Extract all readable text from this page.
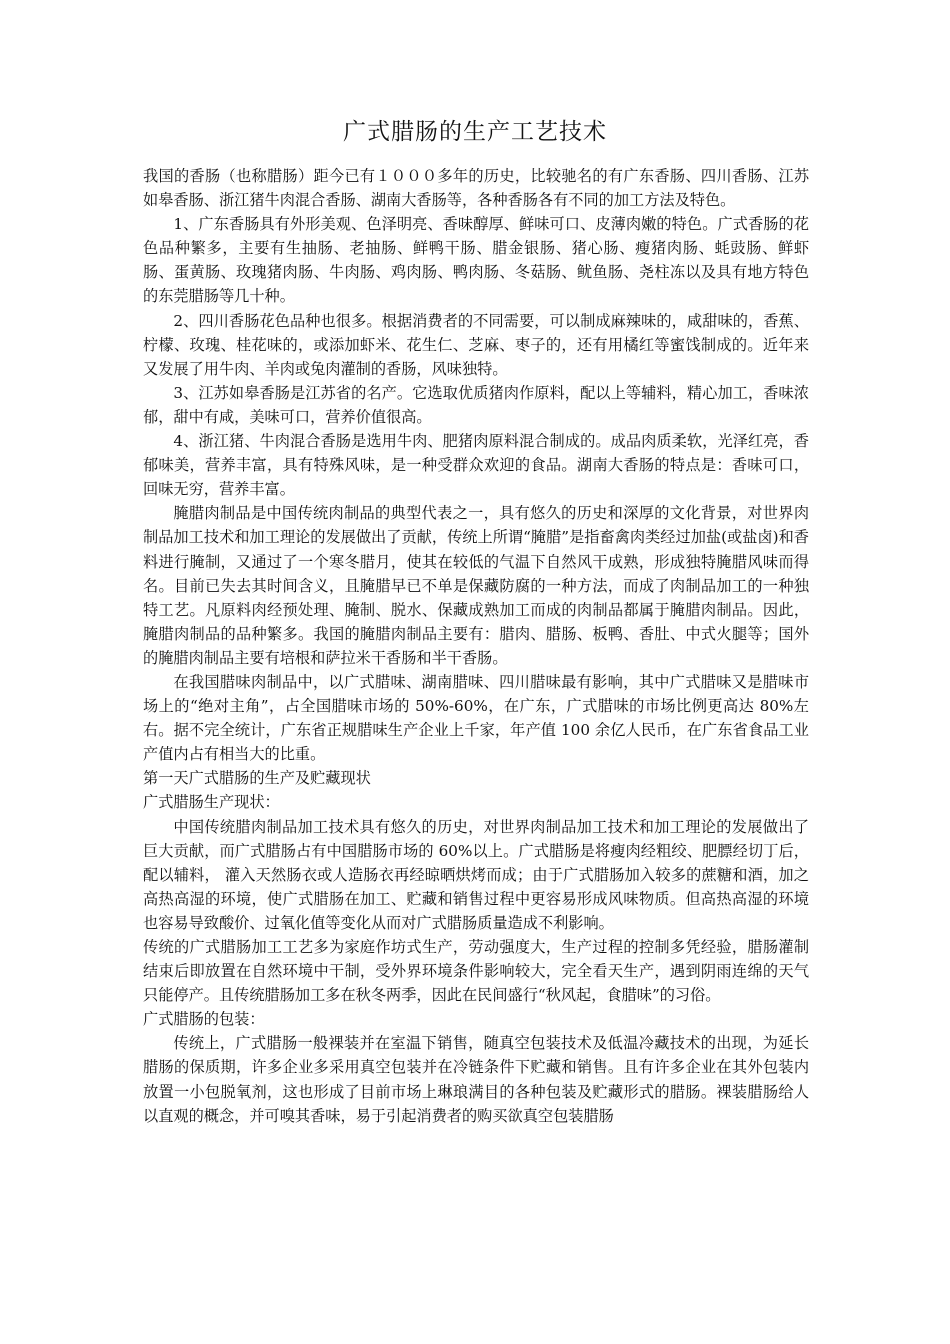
广式腊肠的生产工艺技术

我国的香肠（也称腊肠）距今已有１０００多年的历史，比较驰名的有广东香肠、四川香肠、江苏如皋香肠、浙江猪牛肉混合香肠、湖南大香肠等，各种香肠各有不同的加工方法及特色。

1、广东香肠具有外形美观、色泽明亮、香味醇厚、鲜味可口、皮薄肉嫩的特色。广式香肠的花色品种繁多，主要有生抽肠、老抽肠、鲜鸭干肠、腊金银肠、猪心肠、瘦猪肉肠、蚝豉肠、鲜虾肠、蛋黄肠、玫瑰猪肉肠、牛肉肠、鸡肉肠、鸭肉肠、冬菇肠、鱿鱼肠、尧柱冻以及具有地方特色的东莞腊肠等几十种。

2、四川香肠花色品种也很多。根据消费者的不同需要，可以制成麻辣味的，咸甜味的，香蕉、柠檬、玫瑰、桂花味的，或添加虾米、花生仁、芝麻、枣子的，还有用橘红等蜜饯制成的。近年来又发展了用牛肉、羊肉或兔肉灌制的香肠，风味独特。

3、江苏如皋香肠是江苏省的名产。它选取优质猪肉作原料，配以上等辅料，精心加工，香味浓郁，甜中有咸，美味可口，营养价值很高。

4、浙江猪、牛肉混合香肠是选用牛肉、肥猪肉原料混合制成的。成品肉质柔软，光泽红亮，香郁味美，营养丰富，具有特殊风味，是一种受群众欢迎的食品。湖南大香肠的特点是：香味可口，回味无穷，营养丰富。

腌腊肉制品是中国传统肉制品的典型代表之一，具有悠久的历史和深厚的文化背景，对世界肉制品加工技术和加工理论的发展做出了贡献，传统上所谓“腌腊”是指畜禽肉类经过加盐(或盐卤)和香料进行腌制，又通过了一个寒冬腊月，使其在较低的气温下自然风干成熟，形成独特腌腊风味而得名。目前已失去其时间含义，且腌腊早已不单是保藏防腐的一种方法，而成了肉制品加工的一种独特工艺。凡原料肉经预处理、腌制、脱水、保藏成熟加工而成的肉制品都属于腌腊肉制品。因此，腌腊肉制品的品种繁多。我国的腌腊肉制品主要有：腊肉、腊肠、板鸭、香肚、中式火腿等；国外的腌腊肉制品主要有培根和萨拉米干香肠和半干香肠。

在我国腊味肉制品中，以广式腊味、湖南腊味、四川腊味最有影响，其中广式腊味又是腊味市场上的“绝对主角”，占全国腊味市场的 50%-60%，在广东，广式腊味的市场比例更高达 80%左右。据不完全统计，广东省正规腊味生产企业上千家，年产值 100 余亿人民币，在广东省食品工业产值内占有相当大的比重。

第一天广式腊肠的生产及贮藏现状

广式腊肠生产现状：

中国传统腊肉制品加工技术具有悠久的历史，对世界肉制品加工技术和加工理论的发展做出了巨大贡献，而广式腊肠占有中国腊肠市场的 60%以上。广式腊肠是将瘦肉经粗绞、肥膘经切丁后，配以辅料， 灌入天然肠衣或人造肠衣再经晾晒烘烤而成；由于广式腊肠加入较多的蔗糖和酒，加之高热高湿的环境，使广式腊肠在加工、贮藏和销售过程中更容易形成风味物质。但高热高湿的环境也容易导致酸价、过氧化值等变化从而对广式腊肠质量造成不利影响。

传统的广式腊肠加工工艺多为家庭作坊式生产，劳动强度大，生产过程的控制多凭经验，腊肠灌制结束后即放置在自然环境中干制，受外界环境条件影响较大，完全看天生产，遇到阴雨连绵的天气只能停产。且传统腊肠加工多在秋冬两季，因此在民间盛行“秋风起，食腊味”的习俗。

广式腊肠的包装：

传统上，广式腊肠一般裸装并在室温下销售，随真空包装技术及低温冷藏技术的出现，为延长腊肠的保质期，许多企业多采用真空包装并在冷链条件下贮藏和销售。且有许多企业在其外包装内放置一小包脱氧剂，这也形成了目前市场上琳琅满目的各种包装及贮藏形式的腊肠。裸装腊肠给人以直观的概念，并可嗅其香味，易于引起消费者的购买欲真空包装腊肠
